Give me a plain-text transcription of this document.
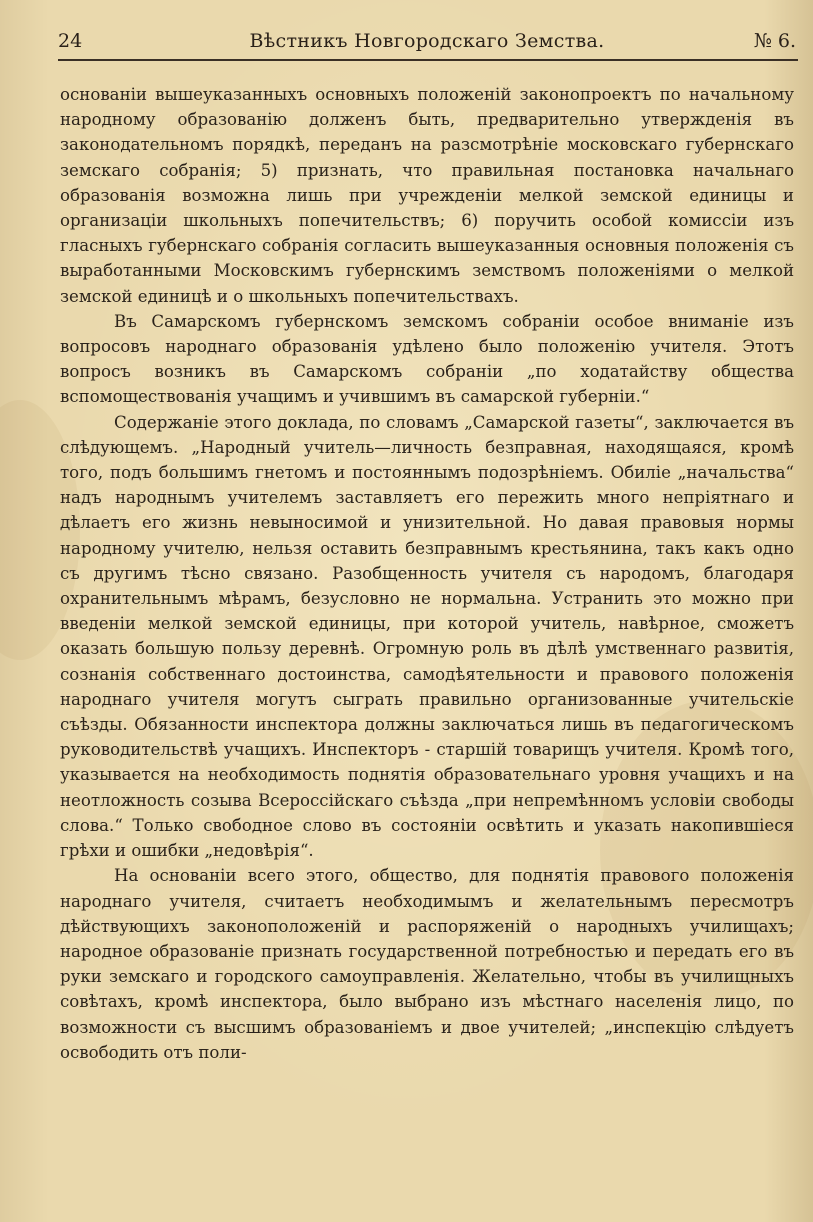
24	Вѣстникъ Новгородскаго Земства.	№ 6.

основанiи вышеуказанныхъ основныхъ положенiй законопроектъ по начальному народному образованiю долженъ быть, предварительно утвержденiя въ законодательномъ порядкѣ, переданъ на разсмотрѣнiе московскаго губернскаго земскаго собранiя; 5) признать, что правильная постановка начальнаго образованiя возможна лишь при учрежденiи мелкой земской единицы и организацiи школьныхъ попечительствъ; 6) поручить особой комиссiи изъ гласныхъ губернскаго собранiя согласить вышеуказанныя основныя положенiя съ выработанными Московскимъ губернскимъ земствомъ положенiями о мелкой земской единицѣ и о школьныхъ попечительствахъ.

Въ Самарскомъ губернскомъ земскомъ собранiи особое вниманiе изъ вопросовъ народнаго образованiя удѣлено было положенiю учителя. Этотъ вопросъ возникъ въ Самарскомъ собранiи „по ходатайству общества вспомоществованiя учащимъ и учившимъ въ самарской губернiи.“

Содержанiе этого доклада, по словамъ „Самарской газеты“, заключается въ слѣдующемъ. „Народный учитель—личность безправная, находящаяся, кромѣ того, подъ большимъ гнетомъ и постояннымъ подозрѣнiемъ. Обилiе „начальства“ надъ народнымъ учителемъ заставляетъ его пережить много непрiятнаго и дѣлаетъ его жизнь невыносимой и унизительной. Но давая правовыя нормы народному учителю, нельзя оставить безправнымъ крестьянина, такъ какъ одно съ другимъ тѣсно связано. Разобщенность учителя съ народомъ, благодаря охранительнымъ мѣрамъ, безусловно не нормальна. Устранить это можно при введенiи мелкой земской единицы, при которой учитель, навѣрное, сможетъ оказать большую пользу деревнѣ. Огромную роль въ дѣлѣ умственнаго развитiя, сознанiя собственнаго достоинства, самодѣятельности и правового положенiя народнаго учителя могутъ сыграть правильно организованные учительскiе съѣзды. Обязанности инспектора должны заключаться лишь въ педагогическомъ руководительствѣ учащихъ. Инспекторъ - старшiй товарищъ учителя. Кромѣ того, указывается на необходимость поднятiя образовательнаго уровня учащихъ и на неотложность созыва Всероссiйскаго съѣзда „при непремѣнномъ условiи свободы слова.“ Только свободное слово въ состоянiи освѣтить и указать накопившiеся грѣхи и ошибки „недовѣрiя“.

На основанiи всего этого, общество, для поднятiя правового положенiя народнаго учителя, считаетъ необходимымъ и желательнымъ пересмотръ дѣйствующихъ законоположенiй и распоряженiй о народныхъ училищахъ; народное образованiе признать государственной потребностью и передать его въ руки земскаго и городского самоуправленiя. Желательно, чтобы въ училищныхъ совѣтахъ, кромѣ инспектора, было выбрано изъ мѣстнаго населенiя лицо, по возможности съ высшимъ образованiемъ и двое учителей; „инспекцiю слѣдуетъ освободить отъ поли-
